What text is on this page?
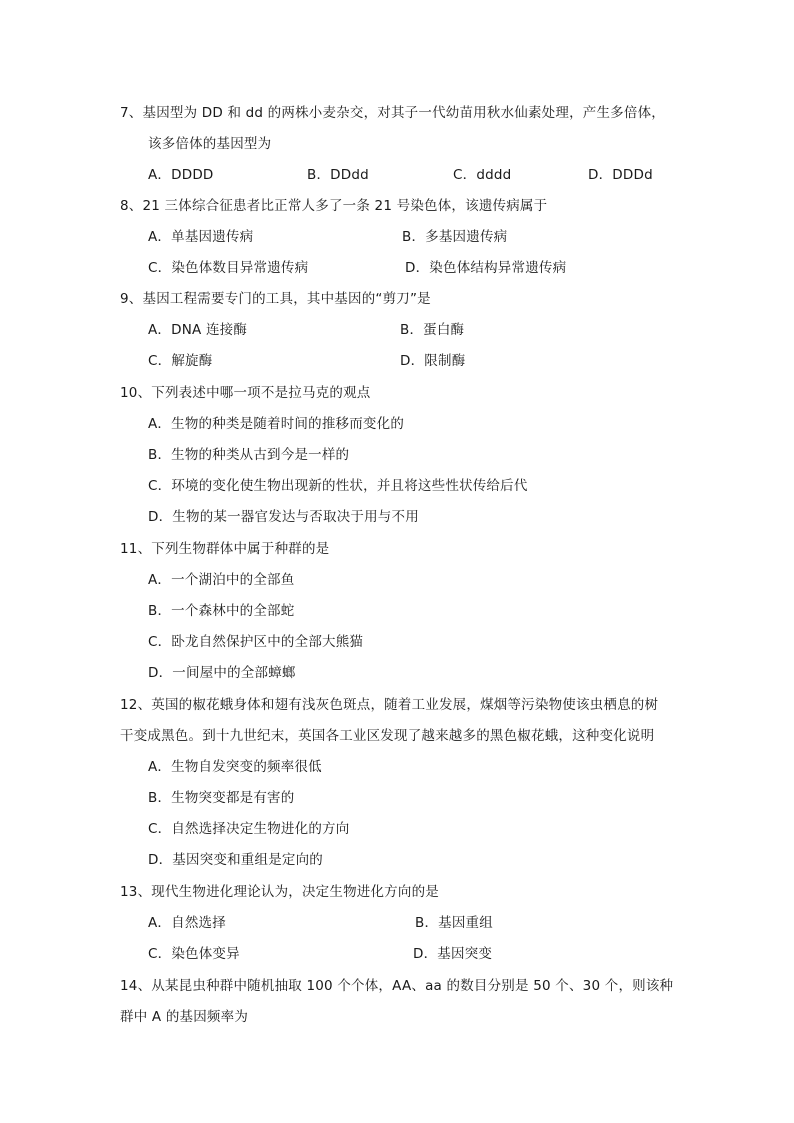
7、基因型为 DD 和 dd 的两株小麦杂交，对其子一代幼苗用秋水仙素处理，产生多倍体，
该多倍体的基因型为
A．DDDD	B．DDdd	C．dddd	D．DDDd
8、21 三体综合征患者比正常人多了一条 21 号染色体，该遗传病属于
A．单基因遗传病	B．多基因遗传病
C．染色体数目异常遗传病	D．染色体结构异常遗传病
9、基因工程需要专门的工具，其中基因的“剪刀”是
A．DNA 连接酶	B．蛋白酶
C．解旋酶	D．限制酶
10、下列表述中哪一项不是拉马克的观点
A．生物的种类是随着时间的推移而变化的
B．生物的种类从古到今是一样的
C．环境的变化使生物出现新的性状，并且将这些性状传给后代
D．生物的某一器官发达与否取决于用与不用
11、下列生物群体中属于种群的是
A．一个湖泊中的全部鱼
B．一个森林中的全部蛇
C．卧龙自然保护区中的全部大熊猫
D．一间屋中的全部蟑螂
12、英国的椒花蛾身体和翅有浅灰色斑点，随着工业发展，煤烟等污染物使该虫栖息的树
干变成黑色。到十九世纪末，英国各工业区发现了越来越多的黑色椒花蛾，这种变化说明
A．生物自发突变的频率很低
B．生物突变都是有害的
C．自然选择决定生物进化的方向
D．基因突变和重组是定向的
13、现代生物进化理论认为，决定生物进化方向的是
A．自然选择	B．基因重组
C．染色体变异	D．基因突变
14、从某昆虫种群中随机抽取 100 个个体，AA、aa 的数目分别是 50 个、30 个，则该种
群中 A 的基因频率为
